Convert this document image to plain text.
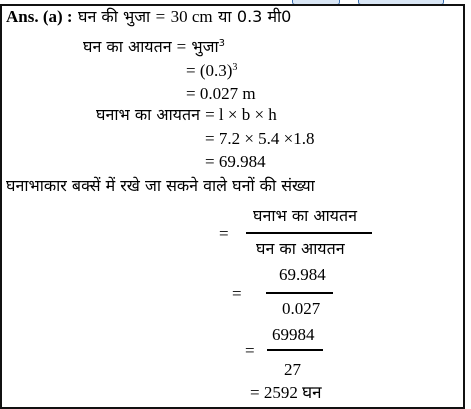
Ans. (a) : घन की भुजा = 30 cm या 0.3 मी0
घन का आयतन = भुजा$^3$
= $(0.3)^3$
= 0.027 m
घनाभ का आयतन = l × b × h
= 7.2 × 5.4 ×1.8
= 69.984
घनाभाकार बक्सें में रखे जा सकने वाले घनों की संख्या
=
घनाभ का आयतन
घन का आयतन
=
69.984
0.027
=
69984
27
= 2592 घन
